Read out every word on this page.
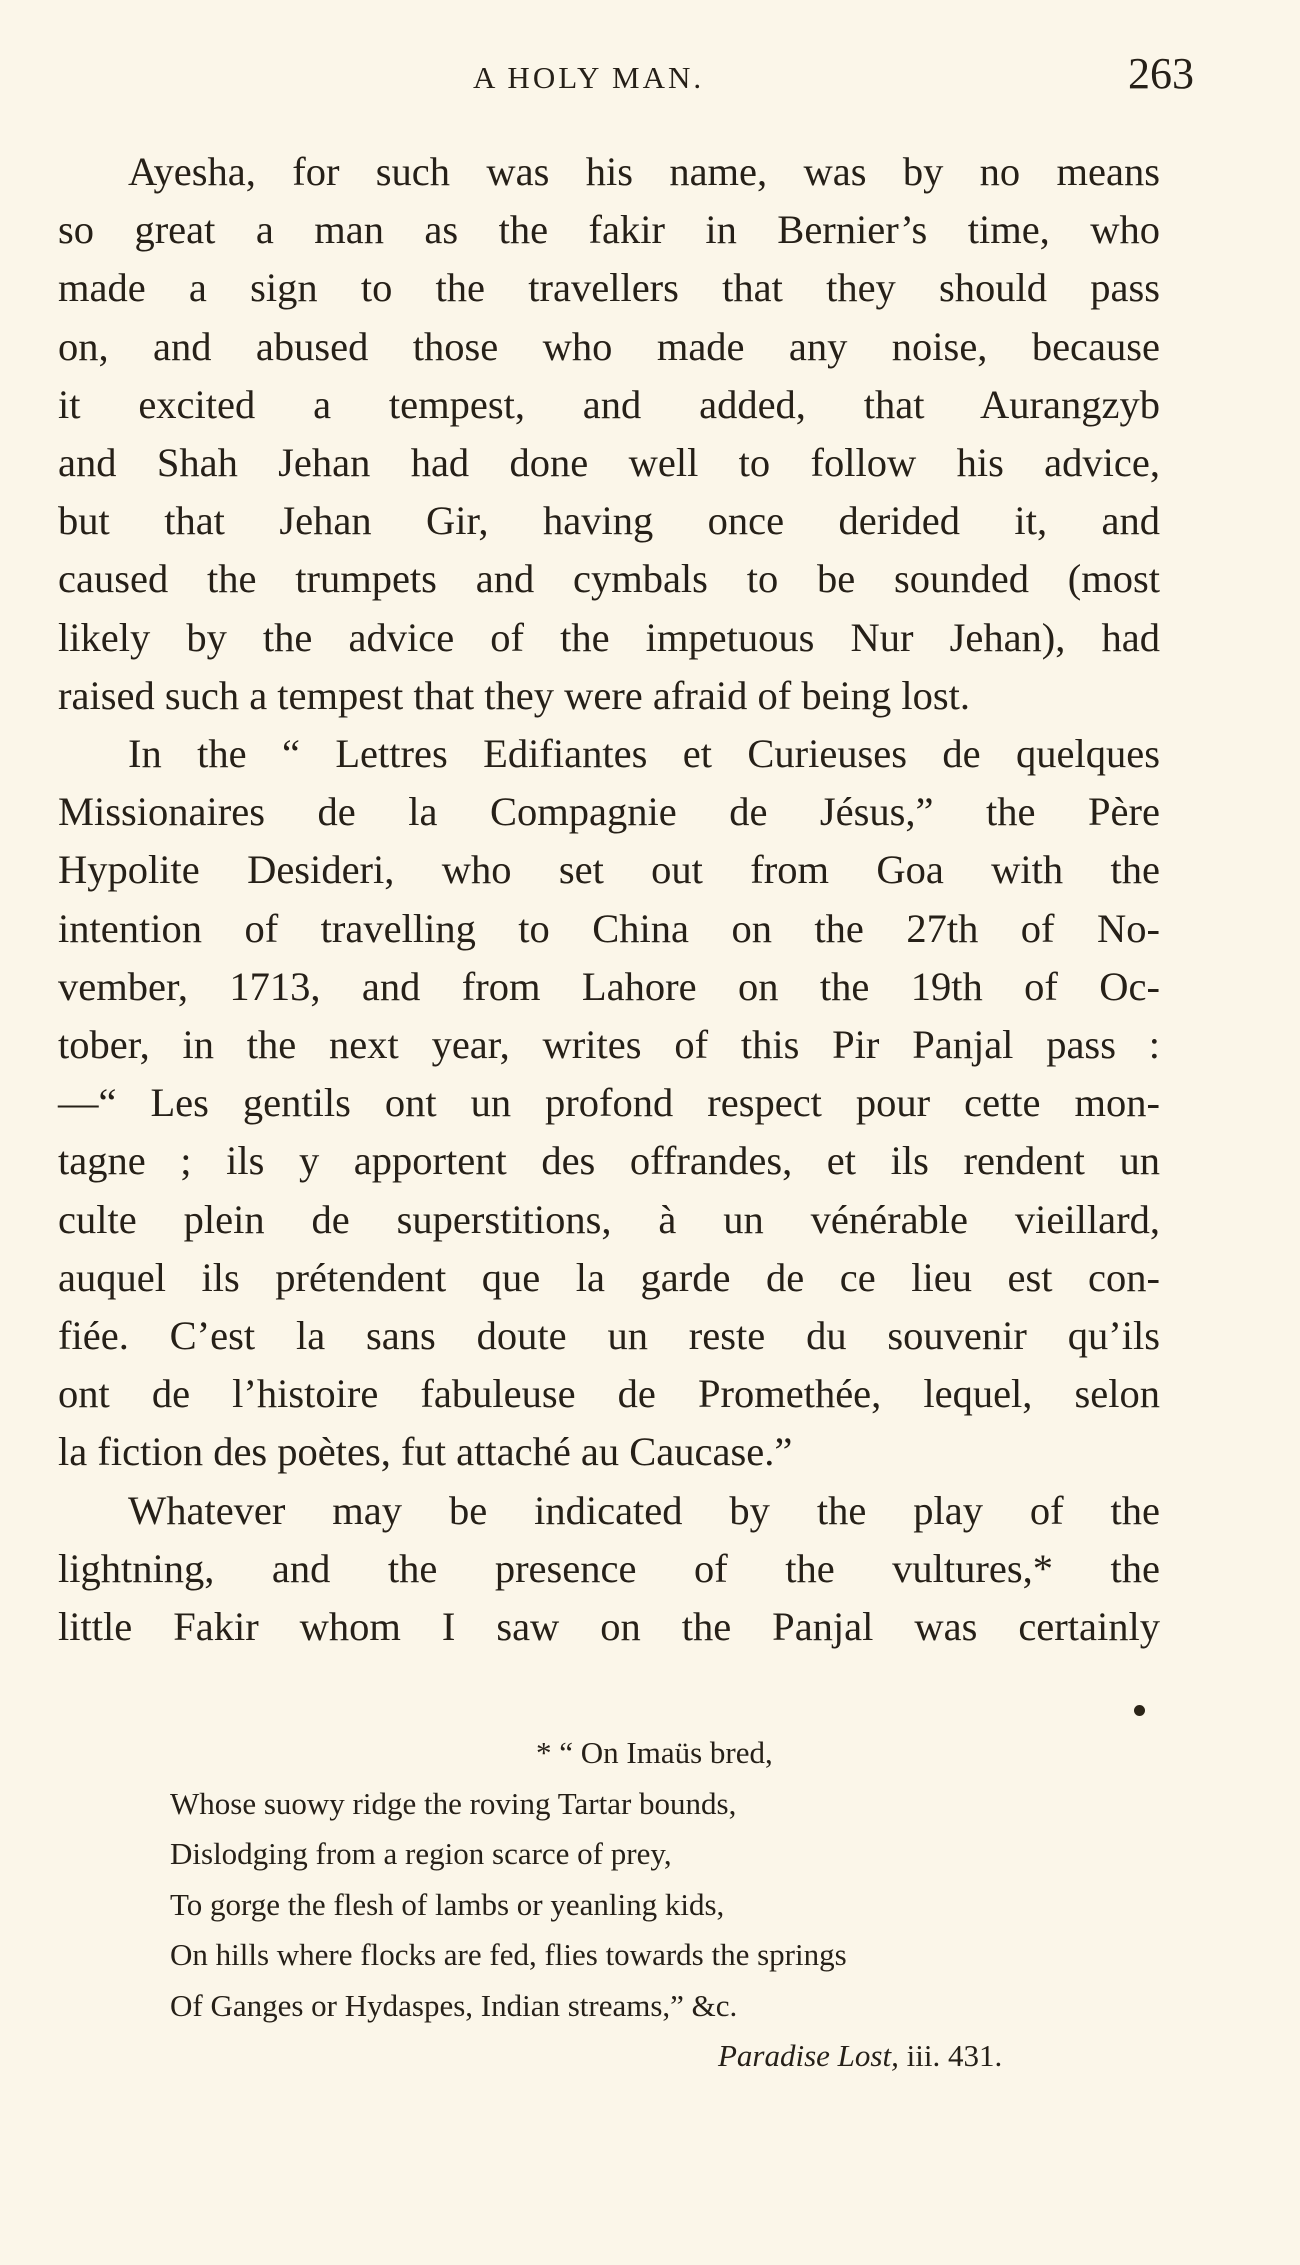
A HOLY MAN.	263
Ayesha, for such was his name, was by no means
so great a man as the fakir in Bernier’s time, who
made a sign to the travellers that they should pass
on, and abused those who made any noise, because
it excited a tempest, and added, that Aurangzyb
and Shah Jehan had done well to follow his advice,
but that Jehan Gir, having once derided it, and
caused the trumpets and cymbals to be sounded (most
likely by the advice of the impetuous Nur Jehan), had
raised such a tempest that they were afraid of being lost.
In the “ Lettres Edifiantes et Curieuses de quelques
Missionaires de la Compagnie de Jésus,” the Père
Hypolite Desideri, who set out from Goa with the
intention of travelling to China on the 27th of No-
vember, 1713, and from Lahore on the 19th of Oc-
tober, in the next year, writes of this Pir Panjal pass :
—“ Les gentils ont un profond respect pour cette mon-
tagne ; ils y apportent des offrandes, et ils rendent un
culte plein de superstitions, à un vénérable vieillard,
auquel ils prétendent que la garde de ce lieu est con-
fiée. C’est la sans doute un reste du souvenir qu’ils
ont de l’histoire fabuleuse de Promethée, lequel, selon
la fiction des poètes, fut attaché au Caucase.”
Whatever may be indicated by the play of the
lightning, and the presence of the vultures,* the
little Fakir whom I saw on the Panjal was certainly
* “ On Imaüs bred,
Whose suowy ridge the roving Tartar bounds,
Dislodging from a region scarce of prey,
To gorge the flesh of lambs or yeanling kids,
On hills where flocks are fed, flies towards the springs
Of Ganges or Hydaspes, Indian streams,” &c.
Paradise Lost, iii. 431.
